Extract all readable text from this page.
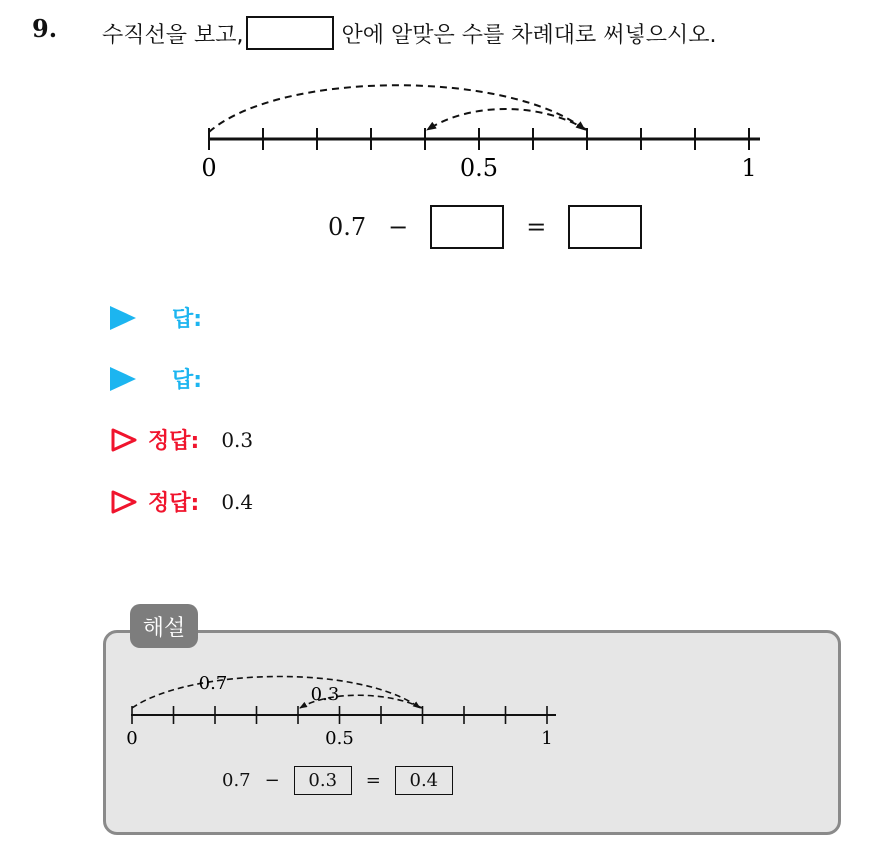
9. 수직선을 보고,	안에 알맞은 수를 차례대로 써넣으시오.
0	0.5	1
0.7 −	=
답:
답:
정답: 0.3
정답: 0.4
해설
0.7
0.3
0	0.5	1
0.7 −	0.3	=	0.4
